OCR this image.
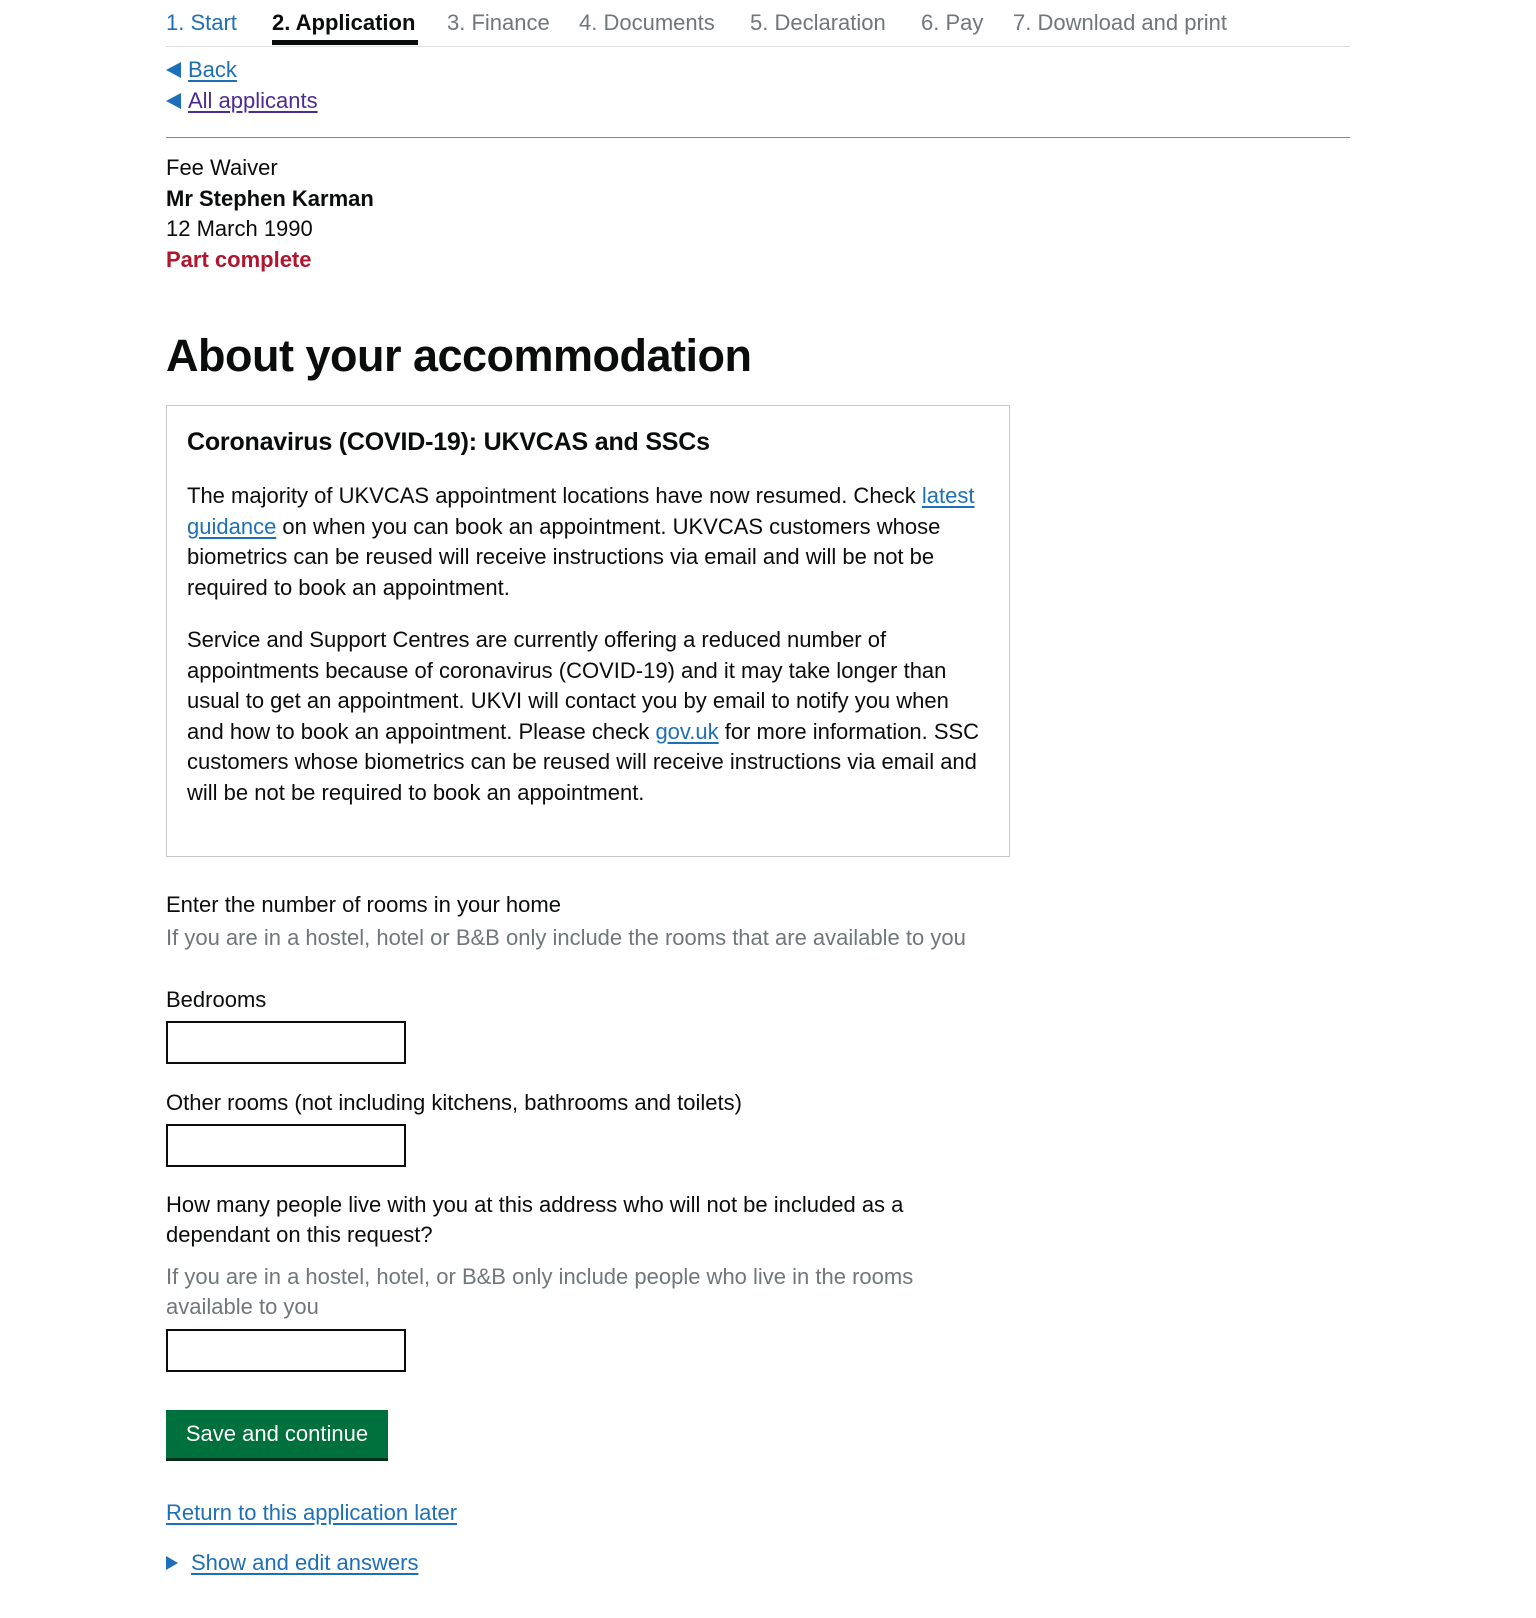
1. Start 2. Application 3. Finance 4. Documents 5. Declaration 6. Pay 7. Download and print
Back
All applicants
Fee Waiver
Mr Stephen Karman
12 March 1990
Part complete
About your accommodation
Coronavirus (COVID-19): UKVCAS and SSCs

The majority of UKVCAS appointment locations have now resumed. Check latest guidance on when you can book an appointment. UKVCAS customers whose biometrics can be reused will receive instructions via email and will be not be required to book an appointment.

Service and Support Centres are currently offering a reduced number of appointments because of coronavirus (COVID-19) and it may take longer than usual to get an appointment. UKVI will contact you by email to notify you when and how to book an appointment. Please check gov.uk for more information. SSC customers whose biometrics can be reused will receive instructions via email and will be not be required to book an appointment.

Enter the number of rooms in your home
If you are in a hostel, hotel or B&B only include the rooms that are available to you
Bedrooms
Other rooms (not including kitchens, bathrooms and toilets)
How many people live with you at this address who will not be included as a dependant on this request?
If you are in a hostel, hotel, or B&B only include people who live in the rooms available to you
Save and continue
Return to this application later
Show and edit answers
